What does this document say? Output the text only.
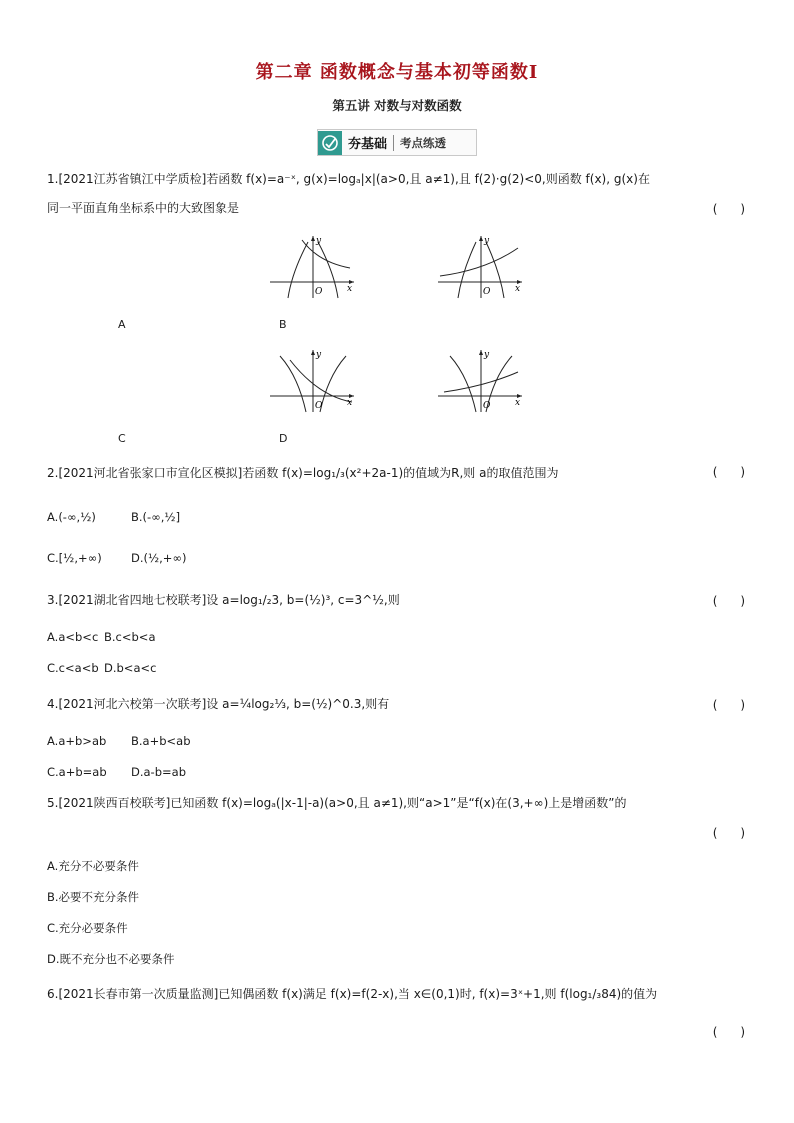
第二章 函数概念与基本初等函数Ⅰ
第五讲 对数与对数函数
夯基础	考点练透
1.[2021江苏省镇江中学质检]若函数 f(x)=a⁻ˣ, g(x)=logₐ|x|(a>0,且 a≠1),且 f(2)·g(2)<0,则函数 f(x), g(x)在
同一平面直角坐标系中的大致图象是	(      )
O	x
y
O	x
y
A	B
O	x
y
O	x
y
C	D
2.[2021河北省张家口市宣化区模拟]若函数 f(x)=log₁/₃(x²+2a-1)的值域为R,则 a的取值范围为	(      )
A.(-∞,½)	B.(-∞,½]
C.[½,+∞)	D.(½,+∞)
3.[2021湖北省四地七校联考]设 a=log₁/₂3, b=(½)³, c=3^½,则	(      )
A.a<b<c B.c<b<a
C.c<a<b D.b<a<c
4.[2021河北六校第一次联考]设 a=¼log₂⅓, b=(½)^0.3,则有	(      )
A.a+b>ab B.a+b<ab
C.a+b=ab D.a-b=ab
5.[2021陕西百校联考]已知函数 f(x)=logₐ(|x-1|-a)(a>0,且 a≠1),则“a>1”是“f(x)在(3,+∞)上是增函数”的
(      )
A.充分不必要条件
B.必要不充分条件
C.充分必要条件
D.既不充分也不必要条件
6.[2021长春市第一次质量监测]已知偶函数 f(x)满足 f(x)=f(2-x),当 x∈(0,1)时, f(x)=3ˣ+1,则 f(log₁/₃84)的值为
(      )
